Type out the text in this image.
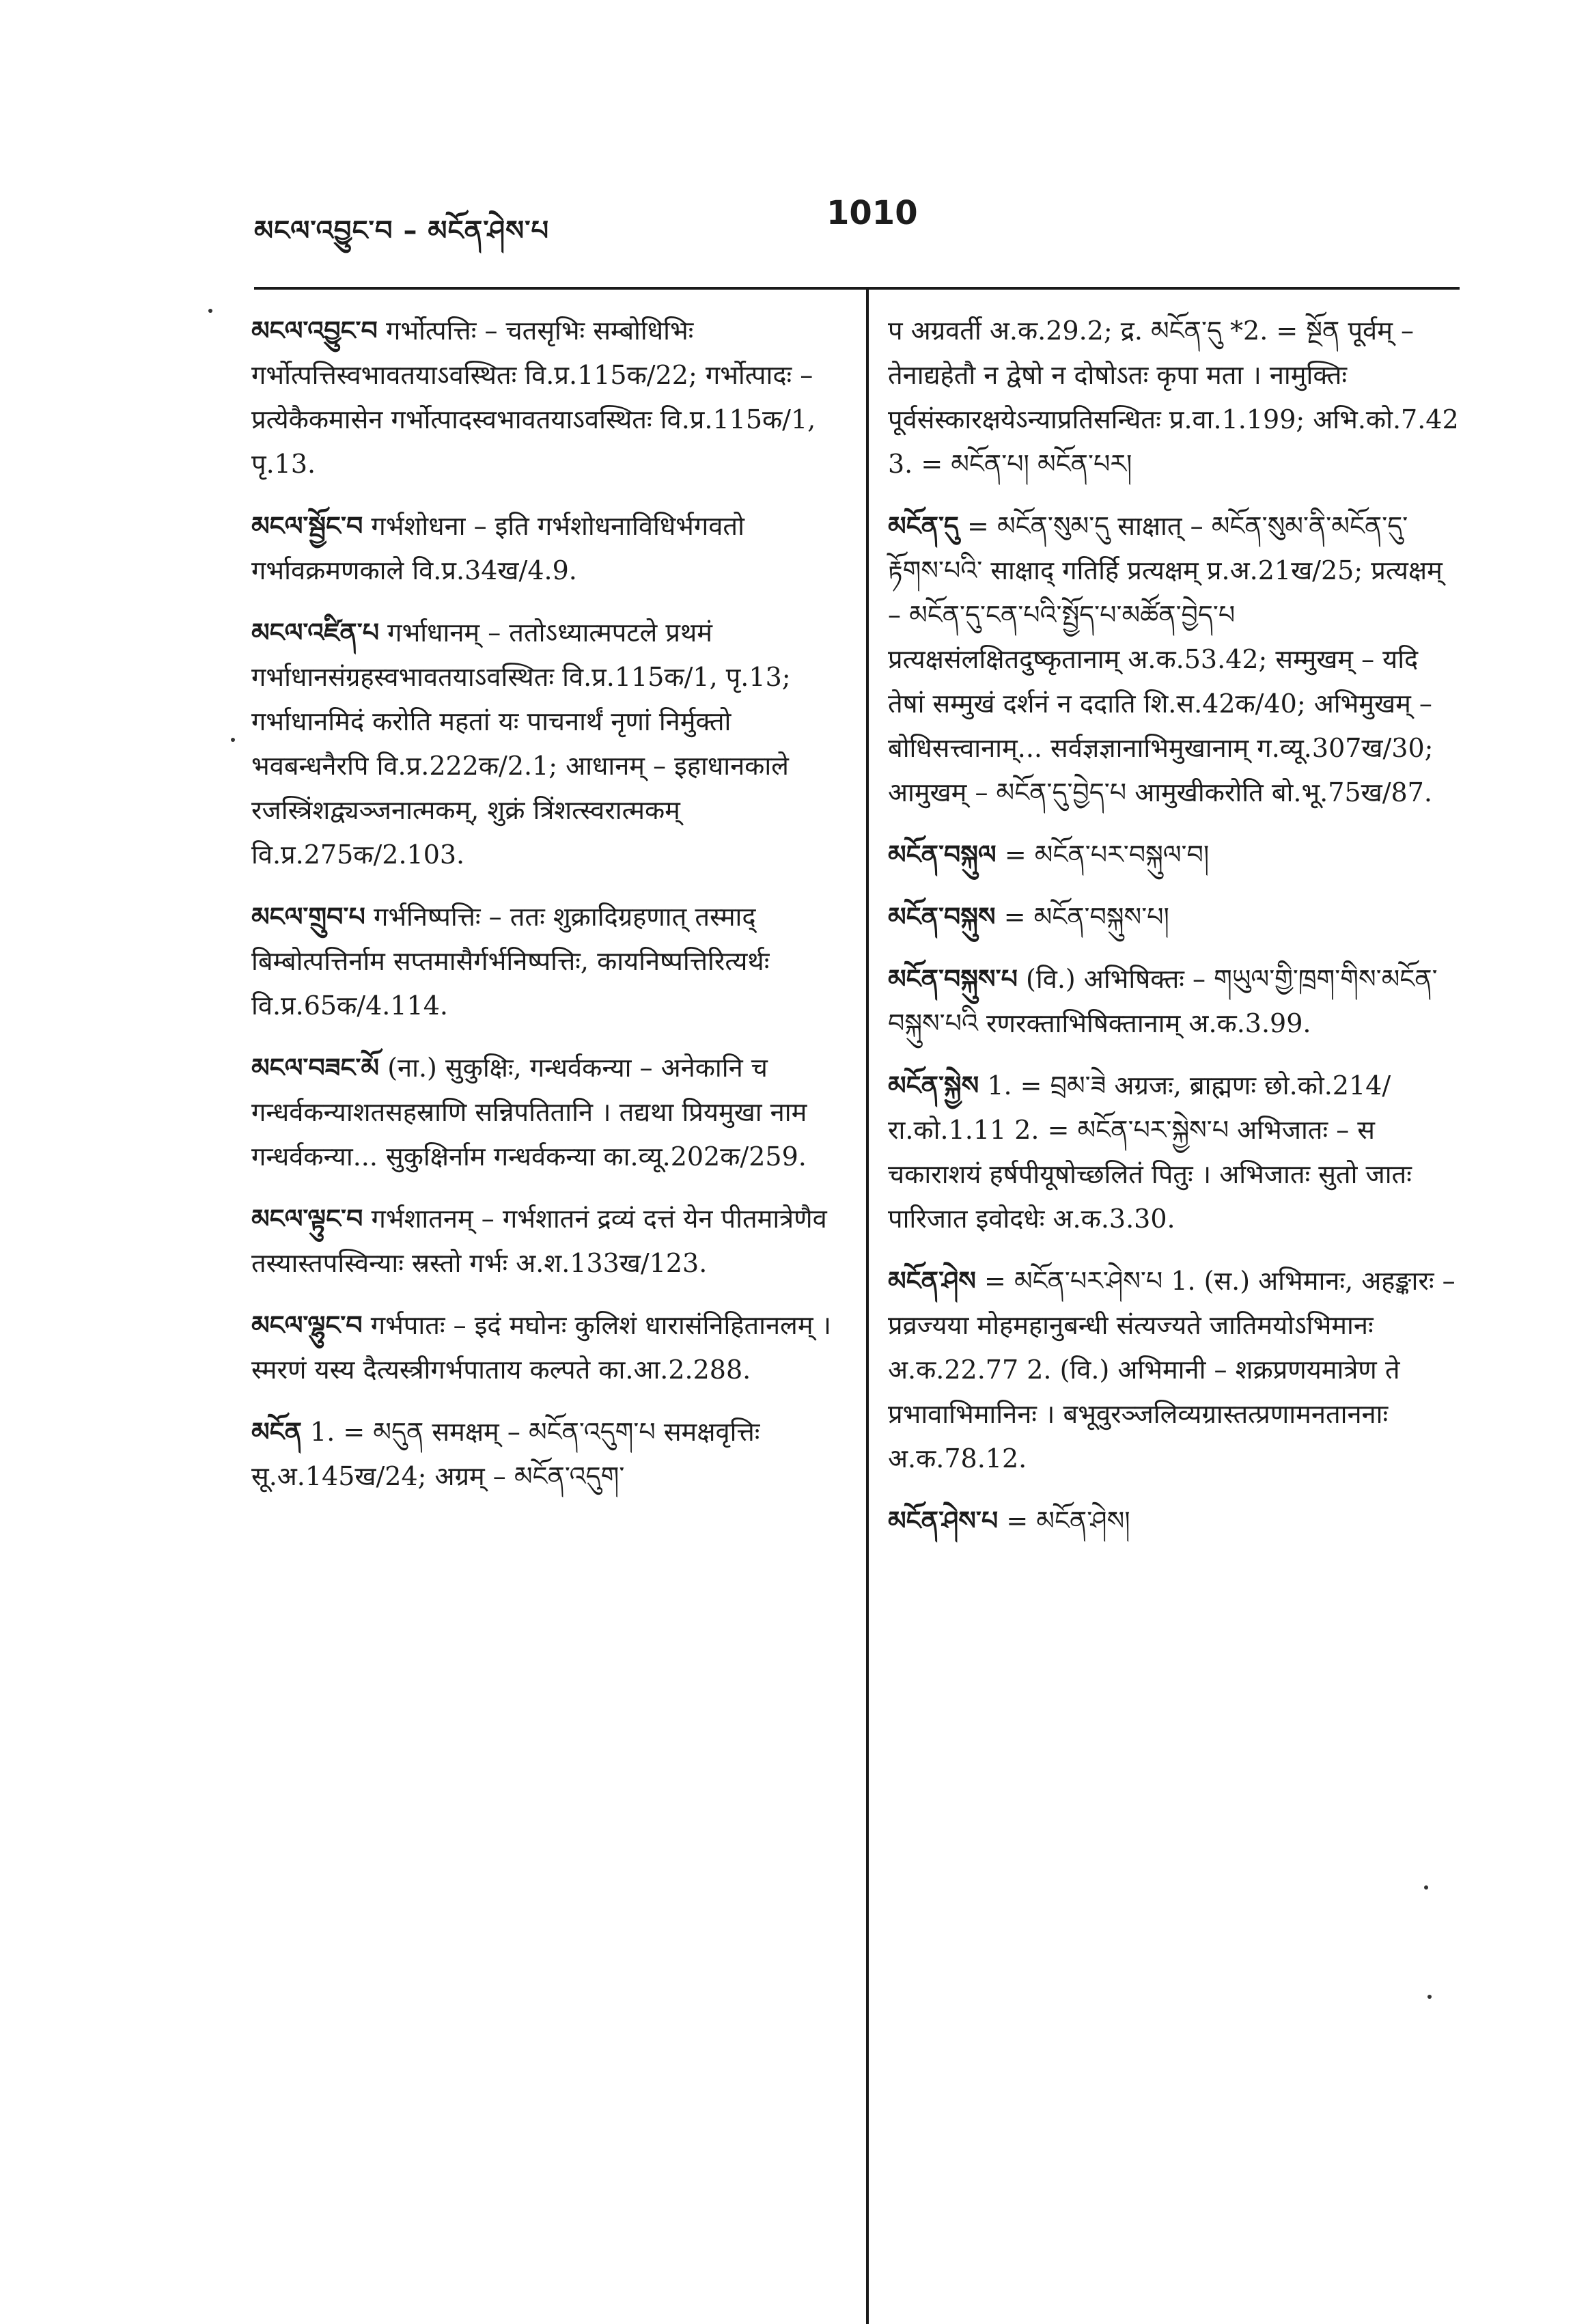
མངལ་འབྱུང་བ – མངོན་ཤེས་པ	1010
མངལ་འབྱུང་བ गर्भोत्पत्तिः – चतसृभिः सम्बोधिभिः गर्भोत्पत्तिस्वभावतयाऽवस्थितः वि.प्र.115क/22; गर्भोत्पादः – प्रत्येकैकमासेन गर्भोत्पादस्वभावतयाऽवस्थितः वि.प्र.115क/1, पृ.13.
མངལ་སྦྱོང་བ गर्भशोधना – इति गर्भशोधनाविधिर्भगवतो गर्भावक्रमणकाले वि.प्र.34ख/4.9.
མངལ་འཛིན་པ गर्भाधानम् – ततोऽध्यात्मपटले प्रथमं गर्भाधानसंग्रहस्वभावतयाऽवस्थितः वि.प्र.115क/1, पृ.13; गर्भाधानमिदं करोति महतां यः पाचनार्थं नृणां निर्मुक्तो भवबन्धनैरपि वि.प्र.222क/2.1; आधानम् – इहाधानकाले रजस्त्रिंशद्व्यञ्जनात्मकम्, शुक्रं त्रिंशत्स्वरात्मकम् वि.प्र.275क/2.103.
མངལ་གྲུབ་པ गर्भनिष्पत्तिः – ततः शुक्रादिग्रहणात् तस्माद् बिम्बोत्पत्तिर्नाम सप्तमासैर्गर्भनिष्पत्तिः, कायनिष्पत्तिरित्यर्थः वि.प्र.65क/4.114.
མངལ་བཟང་མོ (ना.) सुकुक्षिः, गन्धर्वकन्या – अनेकानि च गन्धर्वकन्याशतसहस्राणि सन्निपतितानि । तद्यथा प्रियमुखा नाम गन्धर्वकन्या... सुकुक्षिर्नाम गन्धर्वकन्या का.व्यू.202क/259.
མངལ་ལྟུང་བ गर्भशातनम् – गर्भशातनं द्रव्यं दत्तं येन पीतमात्रेणैव तस्यास्तपस्विन्याः स्रस्तो गर्भः अ.श.133ख/123.
མངལ་ལྷུང་བ गर्भपातः – इदं मघोनः कुलिशं धारासंनिहितानलम् । स्मरणं यस्य दैत्यस्त्रीगर्भपाताय कल्पते का.आ.2.288.
མངོན 1. = མདུན समक्षम् – མངོན་འདུག་པ समक्षवृत्तिः सू.अ.145ख/24; अग्रम् – མངོན་འདུག་
प अग्रवर्ती अ.क.29.2; द्र. མངོན་དུ *2. = སྔོན पूर्वम् – तेनाद्यहेतौ न द्वेषो न दोषोऽतः कृपा मता । नामुक्तिः पूर्वसंस्कारक्षयेऽन्याप्रतिसन्धितः प्र.वा.1.199; अभि.को.7.42 3. = མངོན་པ། མངོན་པར།
མངོན་དུ = མངོན་སུམ་དུ साक्षात् – མངོན་སུམ་ནི་མངོན་དུ་རྟོགས་པའི་ साक्षाद् गतिर्हि प्रत्यक्षम् प्र.अ.21ख/25; प्रत्यक्षम् – མངོན་དུ་ངན་པའི་སྤྱོད་པ་མཚོན་བྱེད་པ प्रत्यक्षसंलक्षितदुष्कृतानाम् अ.क.53.42; सम्मुखम् – यदि तेषां सम्मुखं दर्शनं न ददाति शि.स.42क/40; अभिमुखम् – बोधिसत्त्वानाम्... सर्वज्ञज्ञानाभिमुखानाम् ग.व्यू.307ख/30; आमुखम् – མངོན་དུ་བྱེད་པ आमुखीकरोति बो.भू.75ख/87.
མངོན་བསྐུལ = མངོན་པར་བསྐུལ་བ།
མངོན་བསྐུས = མངོན་བསྐུས་པ།
མངོན་བསྐུས་པ (वि.) अभिषिक्तः – གཡུལ་གྱི་ཁྲག་གིས་མངོན་བསྐུས་པའི रणरक्ताभिषिक्तानाम् अ.क.3.99.
མངོན་སྐྱེས 1. = བྲམ་ཟེ अग्रजः, ब्राह्मणः छो.को.214/रा.को.1.11 2. = མངོན་པར་སྐྱེས་པ अभिजातः – स चकाराशयं हर्षपीयूषोच्छलितं पितुः । अभिजातः सुतो जातः पारिजात इवोदधेः अ.क.3.30.
མངོན་ཤེས = མངོན་པར་ཤེས་པ 1. (स.) अभिमानः, अहङ्कारः – प्रव्रज्यया मोहमहानुबन्धी संत्यज्यते जातिमयोऽभिमानः अ.क.22.77 2. (वि.) अभिमानी – शक्रप्रणयमात्रेण ते प्रभावाभिमानिनः । बभूवुरञ्जलिव्यग्रास्तत्प्रणामनताननाः अ.क.78.12.
མངོན་ཤེས་པ = མངོན་ཤེས།
